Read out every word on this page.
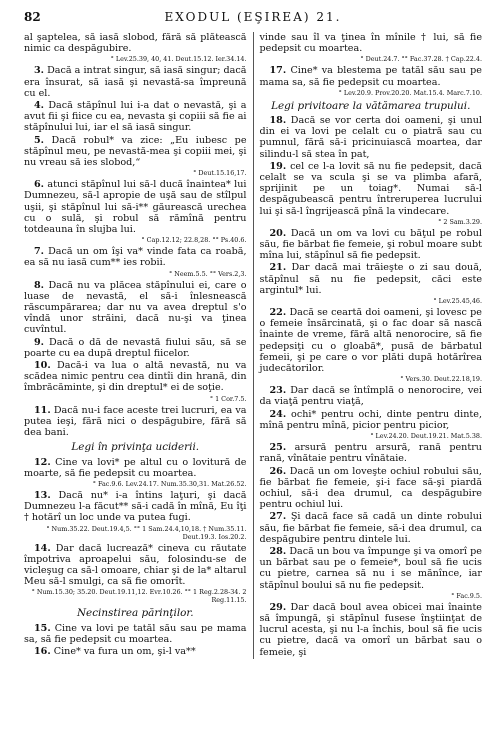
82	EXODUL (EŞIREA) 21.

al şaptelea, să iasă slobod, fără să plătească nimic ca despăgubire.

° Lev.25.39, 40, 41. Deut.15.12. Ier.34.14.

3. Dacă a intrat singur, să iasă singur; dacă era însurat, să iasă şi nevastă-sa împreună cu el.

4. Dacă stăpînul lui i-a dat o nevastă, şi a avut fii şi fiice cu ea, nevasta şi copiii să fie ai stăpînului lui, iar el să iasă singur.

5. Dacă robul* va zice: „Eu iubesc pe stăpînul meu, pe nevastă-mea şi copiii mei, şi nu vreau să ies slobod,“

° Deut.15.16,17.

6. atunci stăpînul lui să-l ducă înaintea* lui Dumnezeu, să-l apropie de uşă sau de stîlpul uşii, şi stăpînul lui să-i** găurească urechea cu o sulă, şi robul să rămînă pentru totdeauna în slujba lui.

° Cap.12.12; 22.8,28. °° Ps.40.6.

7. Dacă un om îşi va* vinde fata ca roabă, ea să nu iasă cum** ies robii.

° Neem.5.5. °° Vers.2,3.

8. Dacă nu va plăcea stăpînului ei, care o luase de nevastă, el să-i înlesnească răscumpărarea; dar nu va avea dreptul s'o vîndă unor străini, dacă nu-şi va ţinea cuvîntul.

9. Dacă o dă de nevastă fiului său, să se poarte cu ea după dreptul fiicelor.

10. Dacă-i va lua o altă nevastă, nu va scădea nimic pentru cea dintîi din hrană, din îmbrăcăminte, şi din dreptul* ei de soţie.

° 1 Cor.7.5.

11. Dacă nu-i face aceste trei lucruri, ea va putea ieşi, fără nici o despăgubire, fără să dea bani.

Legi în privinţa uciderii.

12. Cine va lovi* pe altul cu o lovitură de moarte, să fie pedepsit cu moartea.

° Fac.9.6. Lev.24.17. Num.35.30,31. Mat.26.52.

13. Dacă nu* i-a întins laţuri, şi dacă Dumnezeu l-a făcut** să-i cadă în mînă, Eu îţi † hotărî un loc unde va putea fugi.

° Num.35.22. Deut.19.4,5. °° 1 Sam.24.4,10,18. † Num.35.11. Deut.19.3. Ios.20.2.

14. Dar dacă lucrează* cineva cu răutate împotriva aproapelui său, folosindu-se de vicleşug ca să-l omoare, chiar şi de la* altarul Meu să-l smulgi, ca să fie omorît.

° Num.15.30; 35.20. Deut.19.11,12. Evr.10.26. °° 1 Reg.2.28-34. 2 Reg.11.15.
Necinstirea părinţilor.

15. Cine va lovi pe tatăl său sau pe mama sa, să fie pedepsit cu moartea.

16. Cine* va fura un om, şi-l va**

vinde sau îl va ţinea în mînile † lui, să fie pedepsit cu moartea.

° Deut.24.7. °° Fac.37.28. † Cap.22.4.

17. Cine* va blestema pe tatăl său sau pe mama sa, să fie pedepsit cu moartea.

° Lev.20.9. Prov.20.20. Mat.15.4. Marc.7.10.
Legi privitoare la vătămarea trupului.

18. Dacă se vor certa doi oameni, şi unul din ei va lovi pe celalt cu o piatră sau cu pumnul, fără să-i pricinuiască moartea, dar silindu-l să stea în pat,

19. cel ce l-a lovit să nu fie pedepsit, dacă celalt se va scula şi se va plimba afară, sprijinit pe un toiag*. Numai să-l despăgubească pentru întreruperea lucrului lui şi să-l îngrijească pînă la vindecare.

° 2 Sam.3.29.

20. Dacă un om va lovi cu băţul pe robul său, fie bărbat fie femeie, şi robul moare subt mîna lui, stăpînul să fie pedepsit.

21. Dar dacă mai trăieşte o zi sau două, stăpînul să nu fie pedepsit, căci este argintul* lui.

° Lev.25.45,46.

22. Dacă se ceartă doi oameni, şi lovesc pe o femeie însărcinată, şi o fac doar să nască înainte de vreme, fără altă nenorocire, să fie pedepsiţi cu o gloabă*, pusă de bărbatul femeii, şi pe care o vor plăti după hotărîrea judecătorilor.

° Vers.30. Deut.22.18,19.

23. Dar dacă se întîmplă o nenorocire, vei da viaţă pentru viaţă,

24. ochi* pentru ochi, dinte pentru dinte, mînă pentru mînă, picior pentru picior,

° Lev.24.20. Deut.19.21. Mat.5.38.

25. arsură pentru arsură, rană pentru rană, vînătaie pentru vînătaie.

26. Dacă un om loveşte ochiul robului său, fie bărbat fie femeie, şi-i face să-şi piardă ochiul, să-i dea drumul, ca despăgubire pentru ochiul lui.

27. Şi dacă face să cadă un dinte robului său, fie bărbat fie femeie, să-i dea drumul, ca despăgubire pentru dintele lui.

28. Dacă un bou va împunge şi va omorî pe un bărbat sau pe o femeie*, boul să fie ucis cu pietre, carnea să nu i se mănînce, iar stăpînul boului să nu fie pedepsit.

° Fac.9.5.

29. Dar dacă boul avea obicei mai înainte să împungă, şi stăpînul fusese înştiinţat de lucrul acesta, şi nu l-a închis, boul să fie ucis cu pietre, dacă va omorî un bărbat sau o femeie, şi
